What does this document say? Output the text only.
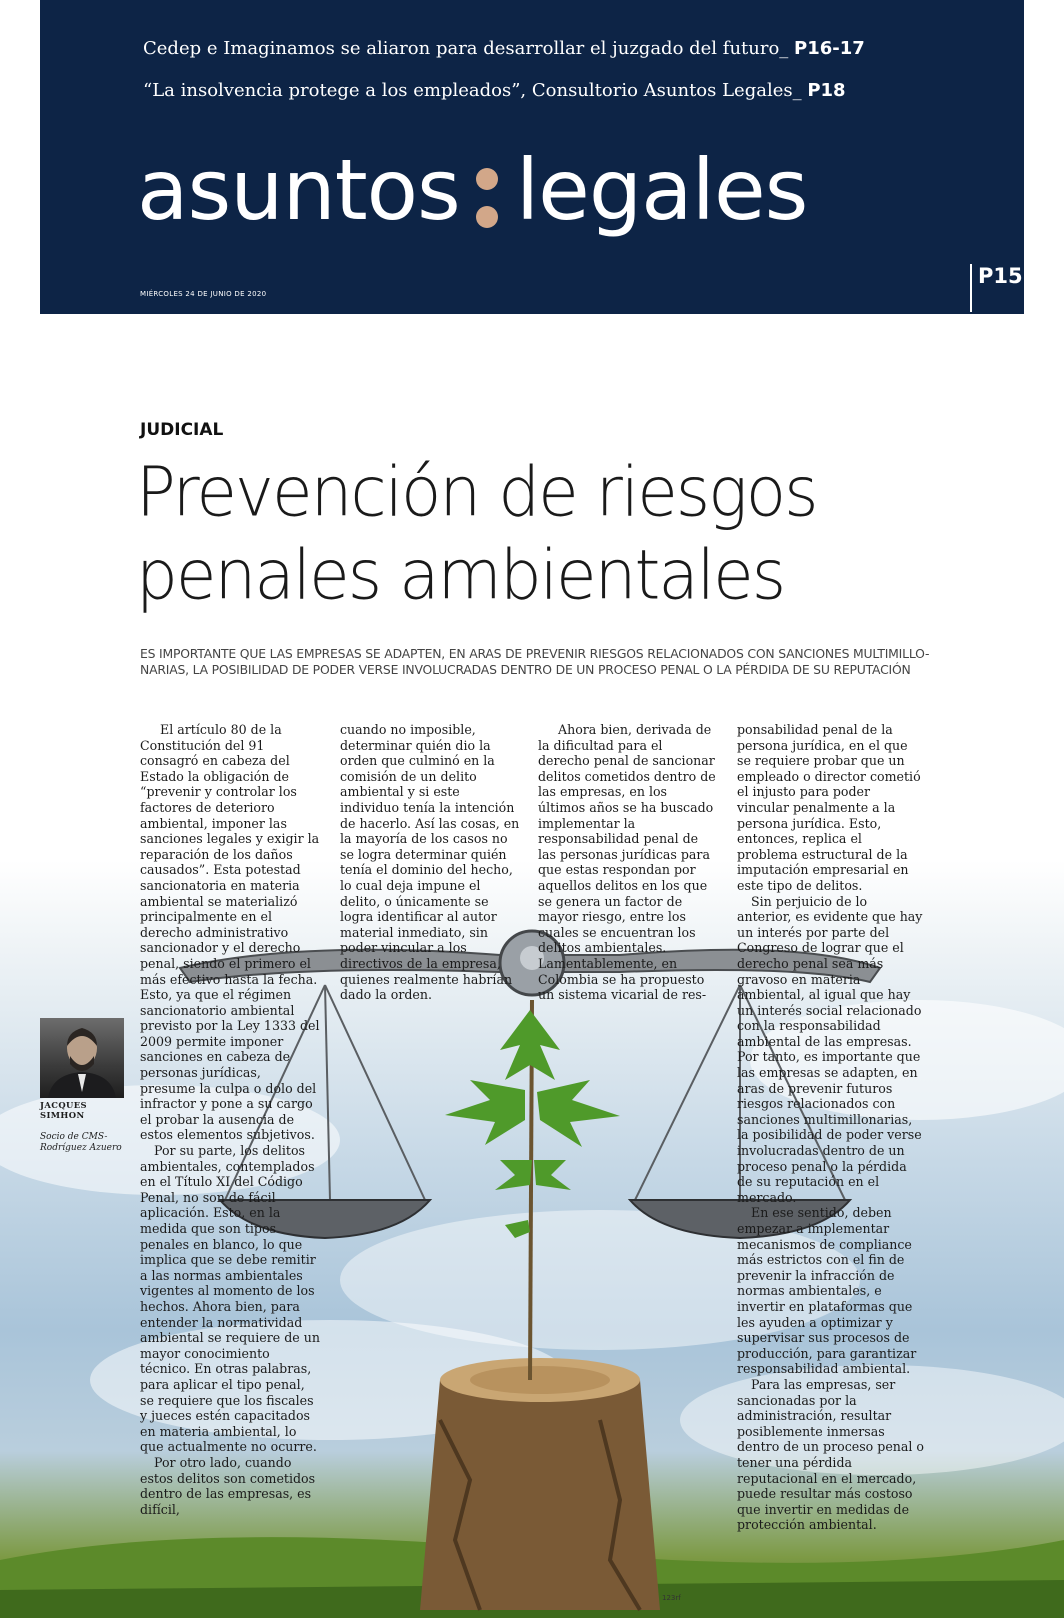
Cedep e Imaginamos se aliaron para desarrollar el juzgado del futuro_ P16-17
“La insolvencia protege a los empleados”, Consultorio Asuntos Legales_ P18
asuntos legales
MIÉRCOLES 24 DE JUNIO DE 2020
P15
JUDICIAL
Prevención de riesgos
penales ambientales
ES IMPORTANTE QUE LAS EMPRESAS SE ADAPTEN, EN ARAS DE PREVENIR RIESGOS RELACIONADOS CON SANCIONES MULTIMILLO-NARIAS, LA POSIBILIDAD DE PODER VERSE INVOLUCRADAS DENTRO DE UN PROCESO PENAL O LA PÉRDIDA DE SU REPUTACIÓN

El artículo 80 de la Constitución del 91 consagró en cabeza del Estado la obligación de “prevenir y controlar los factores de deterioro ambiental, imponer las sanciones legales y exigir la reparación de los daños causados”. Esta potestad sancionatoria en materia ambiental se materializó principalmente en el derecho administrativo sancionador y el derecho penal, siendo el primero el más efectivo hasta la fecha. Esto, ya que el régimen sancionatorio ambiental previsto por la Ley 1333 del 2009 permite imponer sanciones en cabeza de personas jurídicas, presume la culpa o dolo del infractor y pone a su cargo el probar la ausencia de estos elementos subjetivos.

Por su parte, los delitos ambientales, contemplados en el Título XI del Código Penal, no son de fácil aplicación. Esto, en la medida que son tipos penales en blanco, lo que implica que se debe remitir a las normas ambientales vigentes al momento de los hechos. Ahora bien, para entender la normatividad ambiental se requiere de un mayor conocimiento técnico. En otras palabras, para aplicar el tipo penal, se requiere que los fiscales y jueces estén capacitados en materia ambiental, lo que actualmente no ocurre.

Por otro lado, cuando estos delitos son cometidos dentro de las empresas, es difícil,

cuando no imposible, determinar quién dio la orden que culminó en la comisión de un delito ambiental y si este individuo tenía la intención de hacerlo. Así las cosas, en la mayoría de los casos no se logra determinar quién tenía el dominio del hecho, lo cual deja impune el delito, o únicamente se logra identificar al autor material inmediato, sin poder vincular a los directivos de la empresa, quienes realmente habrían dado la orden.

Ahora bien, derivada de la dificultad para el derecho penal de sancionar delitos cometidos dentro de las empresas, en los últimos años se ha buscado implementar la responsabilidad penal de las personas jurídicas para que estas respondan por aquellos delitos en los que se genera un factor de mayor riesgo, entre los cuales se encuentran los delitos ambientales. Lamentablemente, en Colombia se ha propuesto un sistema vicarial de res-

ponsabilidad penal de la persona jurídica, en el que se requiere probar que un empleado o director cometió el injusto para poder vincular penalmente a la persona jurídica. Esto, entonces, replica el problema estructural de la imputación empresarial en este tipo de delitos.

Sin perjuicio de lo anterior, es evidente que hay un interés por parte del Congreso de lograr que el derecho penal sea más gravoso en materia ambiental, al igual que hay un interés social relacionado con la responsabilidad ambiental de las empresas. Por tanto, es importante que las empresas se adapten, en aras de prevenir futuros riesgos relacionados con sanciones multimillonarias, la posibilidad de poder verse involucradas dentro de un proceso penal o la pérdida de su reputación en el mercado.

En ese sentido, deben empezar a implementar mecanismos de compliance más estrictos con el fin de prevenir la infracción de normas ambientales, e invertir en plataformas que les ayuden a optimizar y supervisar sus procesos de producción, para garantizar responsabilidad ambiental.

Para las empresas, ser sancionadas por la administración, resultar posiblemente inmersas dentro de un proceso penal o tener una pérdida reputacional en el mercado, puede resultar más costoso que invertir en medidas de protección ambiental.

JACQUES
SIMHON
Socio de CMS-Rodríguez Azuero
123rf
